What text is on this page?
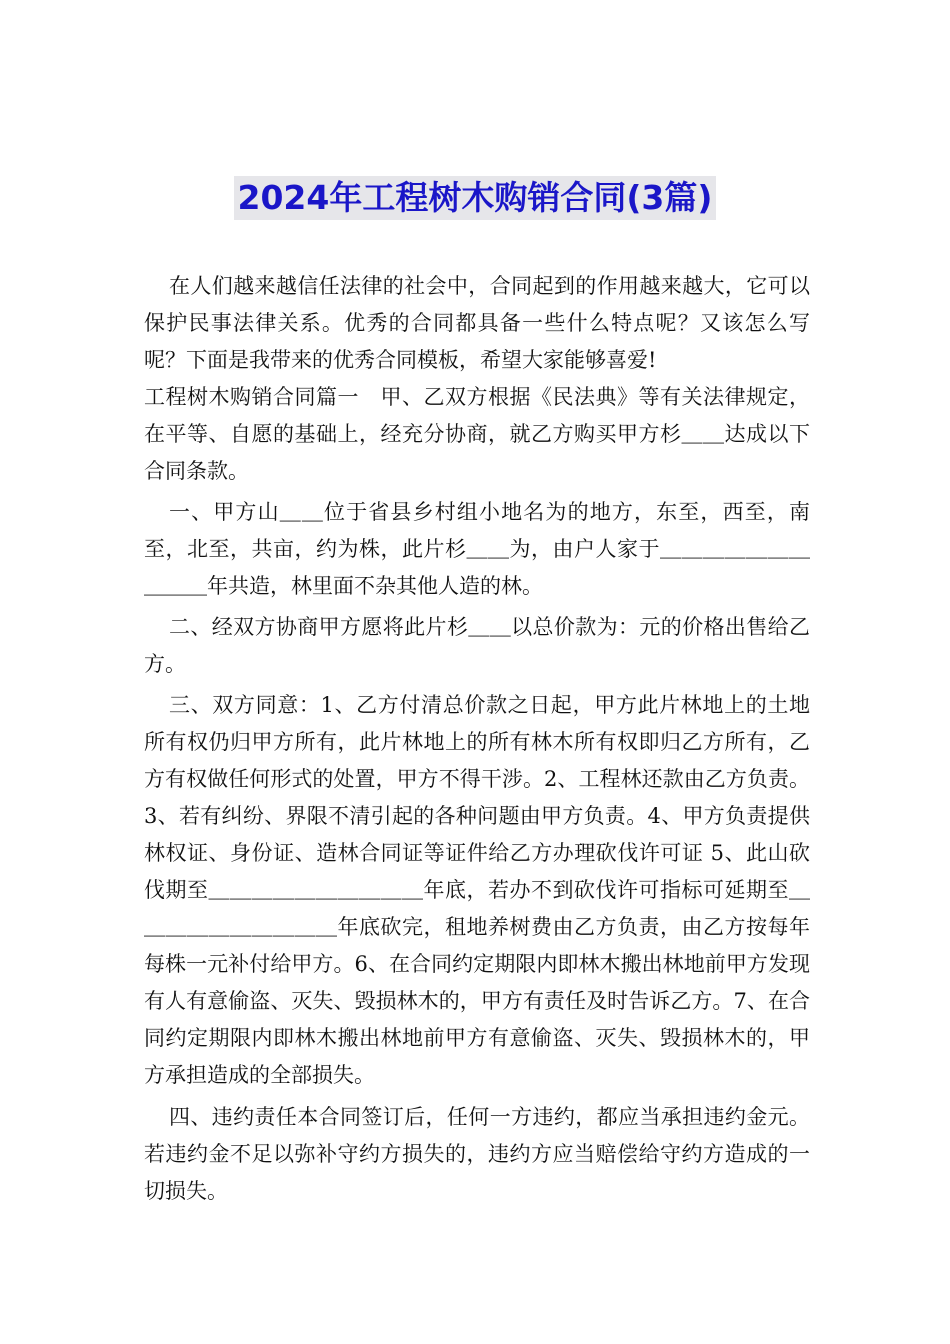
2024年工程树木购销合同(3篇)

在人们越来越信任法律的社会中，合同起到的作用越来越大，它可以保护民事法律关系。优秀的合同都具备一些什么特点呢？又该怎么写呢？下面是我带来的优秀合同模板，希望大家能够喜爱!

工程树木购销合同篇一　甲、乙双方根据《民法典》等有关法律规定，在平等、自愿的基础上，经充分协商，就乙方购买甲方杉＿＿达成以下合同条款。

一、甲方山＿＿位于省县乡村组小地名为的地方，东至，西至，南至，北至，共亩，约为株，此片杉＿＿为，由户人家于＿＿＿＿＿＿＿＿＿＿年共造，林里面不杂其他人造的林。

二、经双方协商甲方愿将此片杉＿＿以总价款为：元的价格出售给乙方。

三、双方同意：1、乙方付清总价款之日起，甲方此片林地上的土地所有权仍归甲方所有，此片林地上的所有林木所有权即归乙方所有，乙方有权做任何形式的处置，甲方不得干涉。2、工程林还款由乙方负责。3、若有纠纷、界限不清引起的各种问题由甲方负责。4、甲方负责提供林权证、身份证、造林合同证等证件给乙方办理砍伐许可证 5、此山砍伐期至＿＿＿＿＿＿＿＿＿＿年底，若办不到砍伐许可指标可延期至＿＿＿＿＿＿＿＿＿＿年底砍完，租地养树费由乙方负责，由乙方按每年每株一元补付给甲方。6、在合同约定期限内即林木搬出林地前甲方发现有人有意偷盗、灭失、毁损林木的，甲方有责任及时告诉乙方。7、在合同约定期限内即林木搬出林地前甲方有意偷盗、灭失、毁损林木的，甲方承担造成的全部损失。

四、违约责任本合同签订后，任何一方违约，都应当承担违约金元。若违约金不足以弥补守约方损失的，违约方应当赔偿给守约方造成的一切损失。
